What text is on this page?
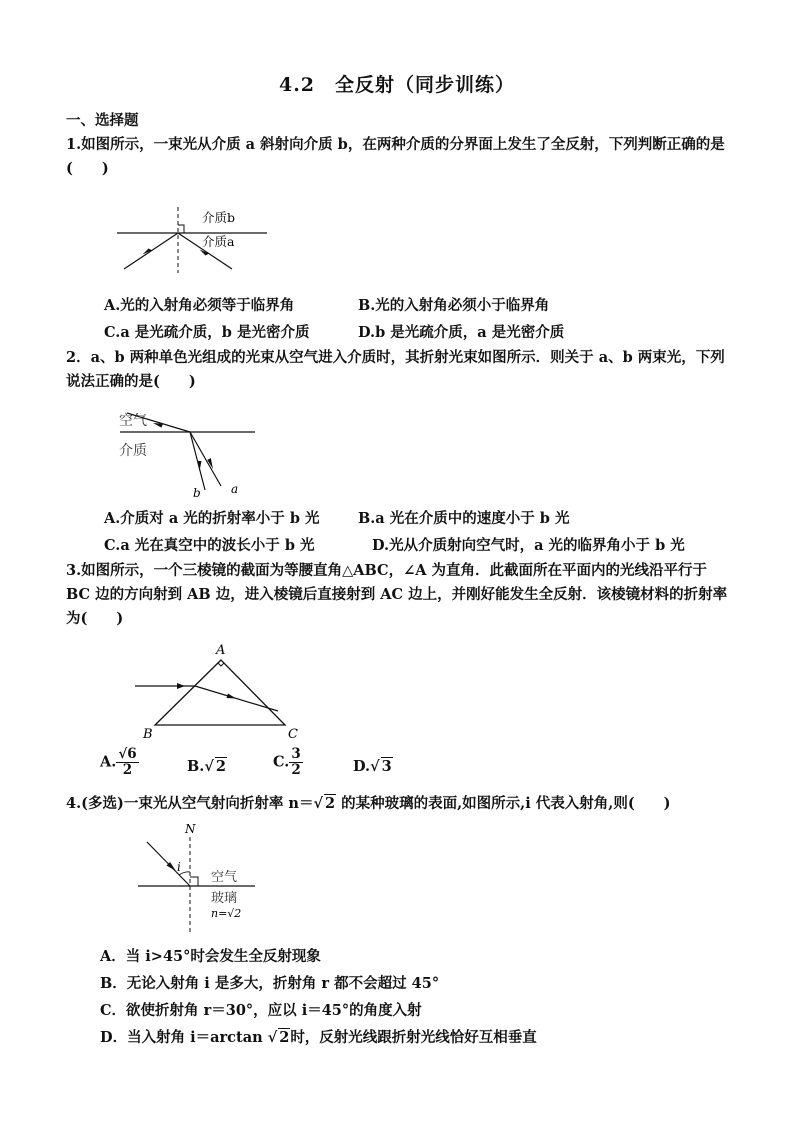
4.2　全反射（同步训练）
一、选择题
1.如图所示，一束光从介质 a 斜射向介质 b，在两种介质的分界面上发生了全反射，下列判断正确的是(　　)
介质b
介质a
A.光的入射角必须等于临界角	B.光的入射角必须小于临界角
C.a 是光疏介质，b 是光密介质	D.b 是光疏介质，a 是光密介质
2．a、b 两种单色光组成的光束从空气进入介质时，其折射光束如图所示．则关于 a、b 两束光，下列说法正确的是(　　)
空气
介质
b	a
A.介质对 a 光的折射率小于 b 光	B.a 光在介质中的速度小于 b 光
C.a 光在真空中的波长小于 b 光	D.光从介质射向空气时，a 光的临界角小于 b 光
3.如图所示，一个三棱镜的截面为等腰直角△ABC，∠A 为直角．此截面所在平面内的光线沿平行于 BC 边的方向射到 AB 边，进入棱镜后直接射到 AC 边上，并刚好能发生全反射．该棱镜材料的折射率为(　　)
A
B	C
A. $\frac{√6}{2}$	B.√ 2	C. $\frac{3}{2}$	D.√ 3
4.(多选)一束光从空气射向折射率 n＝√ 2 的某种玻璃的表面,如图所示,i 代表入射角,则(　　)
N
i
空气
玻璃
n=√2
A．当 i>45°时会发生全反射现象
B．无论入射角 i 是多大，折射角 r 都不会超过 45°
C．欲使折射角 r＝30°，应以 i＝45°的角度入射
D．当入射角 i＝arctan √ 2时，反射光线跟折射光线恰好互相垂直
